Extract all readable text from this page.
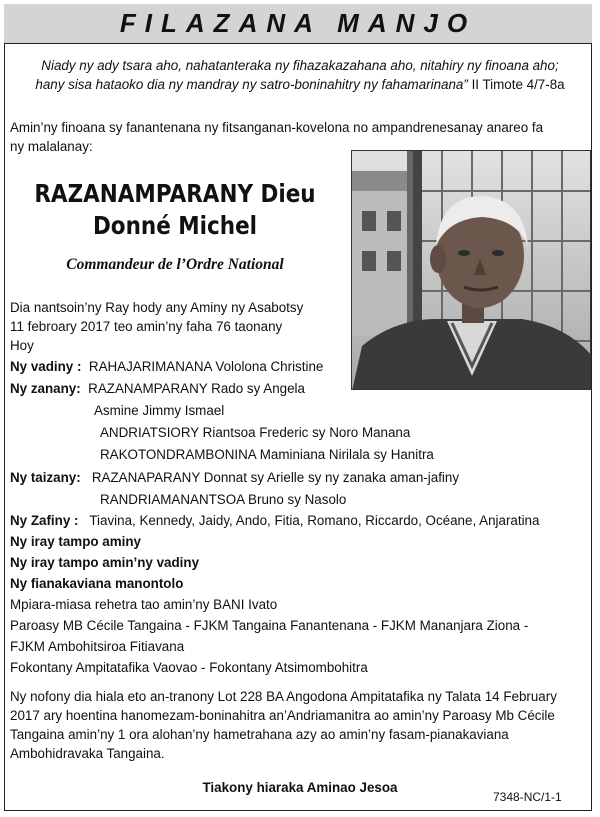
FILAZANA MANJO
Niady ny ady tsara aho, nahatanteraka ny fihazakazahana aho, nitahiry ny finoana aho;
hany sisa hataoko dia ny mandray ny satro-boninahitry ny fahamarinana” II Timote 4/7-8a
Amin’ny finoana sy fanantenana ny fitsanganan-kovelona no ampandrenesanay anareo fa
ny malalanay:
RAZANAMPARANY Dieu
Donné Michel
Commandeur de l’Ordre National
Dia nantsoin’ny Ray hody any Aminy ny Asabotsy
11 febroary 2017 teo amin’ny faha 76 taonany
Hoy
Ny vadiny : RAHAJARIMANANA Vololona Christine
Ny zanany: RAZANAMPARANY Rado sy Angela
Asmine Jimmy Ismael
ANDRIATSIORY Riantsoa Frederic sy Noro Manana
RAKOTONDRAMBONINA Maminiana Nirilala sy Hanitra
Ny taizany: RAZANAPARANY Donnat sy Arielle sy ny zanaka aman-jafiny
RANDRIAMANANTSOA Bruno sy Nasolo
Ny Zafiny : Tiavina, Kennedy, Jaidy, Ando, Fitia, Romano, Riccardo, Océane, Anjaratina
Ny iray tampo aminy
Ny iray tampo amin’ny vadiny
Ny fianakaviana manontolo
Mpiara-miasa rehetra tao amin’ny BANI Ivato
Paroasy MB Cécile Tangaina - FJKM Tangaina Fanantenana - FJKM Mananjara Ziona -
FJKM Ambohitsiroa Fitiavana
Fokontany Ampitatafika Vaovao - Fokontany Atsimombohitra
Ny nofony dia hiala eto an-tranony Lot 228 BA Angodona Ampitatafika ny Talata 14 February
2017 ary hoentina hanomezam-boninahitra an’Andriamanitra ao amin’ny Paroasy Mb Cécile
Tangaina amin’ny 1 ora alohan’ny hametrahana azy ao amin’ny fasam-pianakaviana
Ambohidravaka Tangaina.
Tiakony hiaraka Aminao Jesoa
7348-NC/1-1
